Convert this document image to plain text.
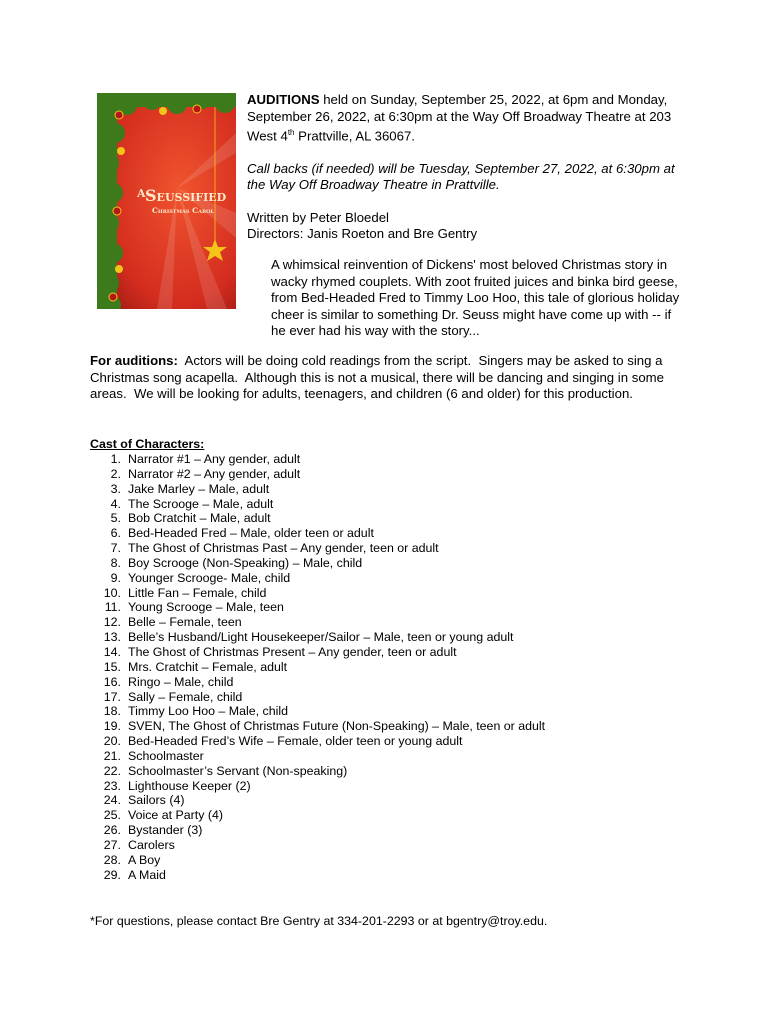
A Seussified
Christmas Carol

AUDITIONS held on Sunday, September 25, 2022, at 6pm and Monday, September 26, 2022, at 6:30pm at the Way Off Broadway Theatre at 203 West 4th Prattville, AL 36067.

Call backs (if needed) will be Tuesday, September 27, 2022, at 6:30pm at the Way Off Broadway Theatre in Prattville.

Written by Peter Bloedel
Directors: Janis Roeton and Bre Gentry
A whimsical reinvention of Dickens' most beloved Christmas story in wacky rhymed couplets. With zoot fruited juices and binka bird geese, from Bed-Headed Fred to Timmy Loo Hoo, this tale of glorious holiday cheer is similar to something Dr. Seuss might have come up with -- if he ever had his way with the story...
For auditions:  Actors will be doing cold readings from the script.  Singers may be asked to sing a Christmas song acapella.  Although this is not a musical, there will be dancing and singing in some areas.  We will be looking for adults, teenagers, and children (6 and older) for this production.
Cast of Characters:
1. Narrator #1 – Any gender, adult
2. Narrator #2 – Any gender, adult
3. Jake Marley – Male, adult
4. The Scrooge – Male, adult
5. Bob Cratchit – Male, adult
6. Bed-Headed Fred – Male, older teen or adult
7. The Ghost of Christmas Past – Any gender, teen or adult
8. Boy Scrooge (Non-Speaking) – Male, child
9. Younger Scrooge- Male, child
10. Little Fan – Female, child
11. Young Scrooge – Male, teen
12. Belle – Female, teen
13. Belle’s Husband/Light Housekeeper/Sailor – Male, teen or young adult
14. The Ghost of Christmas Present – Any gender, teen or adult
15. Mrs. Cratchit – Female, adult
16. Ringo – Male, child
17. Sally – Female, child
18. Timmy Loo Hoo – Male, child
19. SVEN, The Ghost of Christmas Future (Non-Speaking) – Male, teen or adult
20. Bed-Headed Fred’s Wife – Female, older teen or young adult
21. Schoolmaster
22. Schoolmaster’s Servant (Non-speaking)
23. Lighthouse Keeper (2)
24. Sailors (4)
25. Voice at Party (4)
26. Bystander (3)
27. Carolers
28. A Boy
29. A Maid
*For questions, please contact Bre Gentry at 334-201-2293 or at bgentry@troy.edu.
